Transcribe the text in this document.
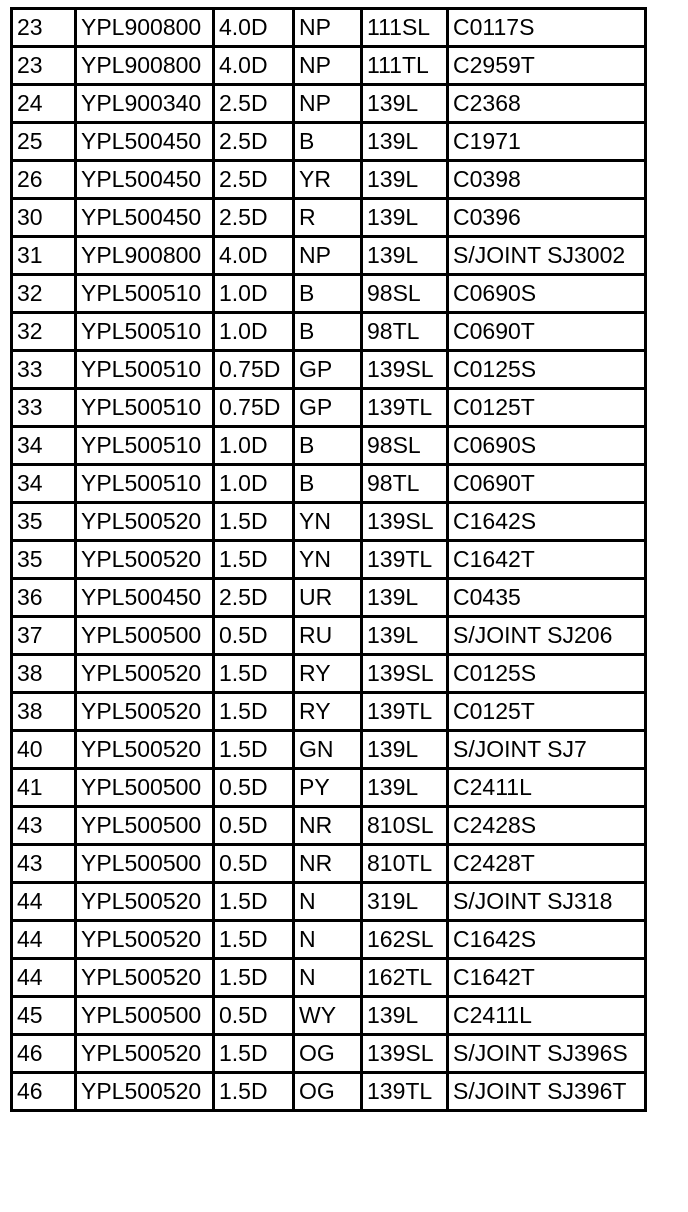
23	YPL900800	4.0D	NP	111SL	C0117S
23	YPL900800	4.0D	NP	111TL	C2959T
24	YPL900340	2.5D	NP	139L	C2368
25	YPL500450	2.5D	B	139L	C1971
26	YPL500450	2.5D	YR	139L	C0398
30	YPL500450	2.5D	R	139L	C0396
31	YPL900800	4.0D	NP	139L	S/JOINT SJ3002
32	YPL500510	1.0D	B	98SL	C0690S
32	YPL500510	1.0D	B	98TL	C0690T
33	YPL500510	0.75D	GP	139SL	C0125S
33	YPL500510	0.75D	GP	139TL	C0125T
34	YPL500510	1.0D	B	98SL	C0690S
34	YPL500510	1.0D	B	98TL	C0690T
35	YPL500520	1.5D	YN	139SL	C1642S
35	YPL500520	1.5D	YN	139TL	C1642T
36	YPL500450	2.5D	UR	139L	C0435
37	YPL500500	0.5D	RU	139L	S/JOINT SJ206
38	YPL500520	1.5D	RY	139SL	C0125S
38	YPL500520	1.5D	RY	139TL	C0125T
40	YPL500520	1.5D	GN	139L	S/JOINT SJ7
41	YPL500500	0.5D	PY	139L	C2411L
43	YPL500500	0.5D	NR	810SL	C2428S
43	YPL500500	0.5D	NR	810TL	C2428T
44	YPL500520	1.5D	N	319L	S/JOINT SJ318
44	YPL500520	1.5D	N	162SL	C1642S
44	YPL500520	1.5D	N	162TL	C1642T
45	YPL500500	0.5D	WY	139L	C2411L
46	YPL500520	1.5D	OG	139SL	S/JOINT SJ396S
46	YPL500520	1.5D	OG	139TL	S/JOINT SJ396T
